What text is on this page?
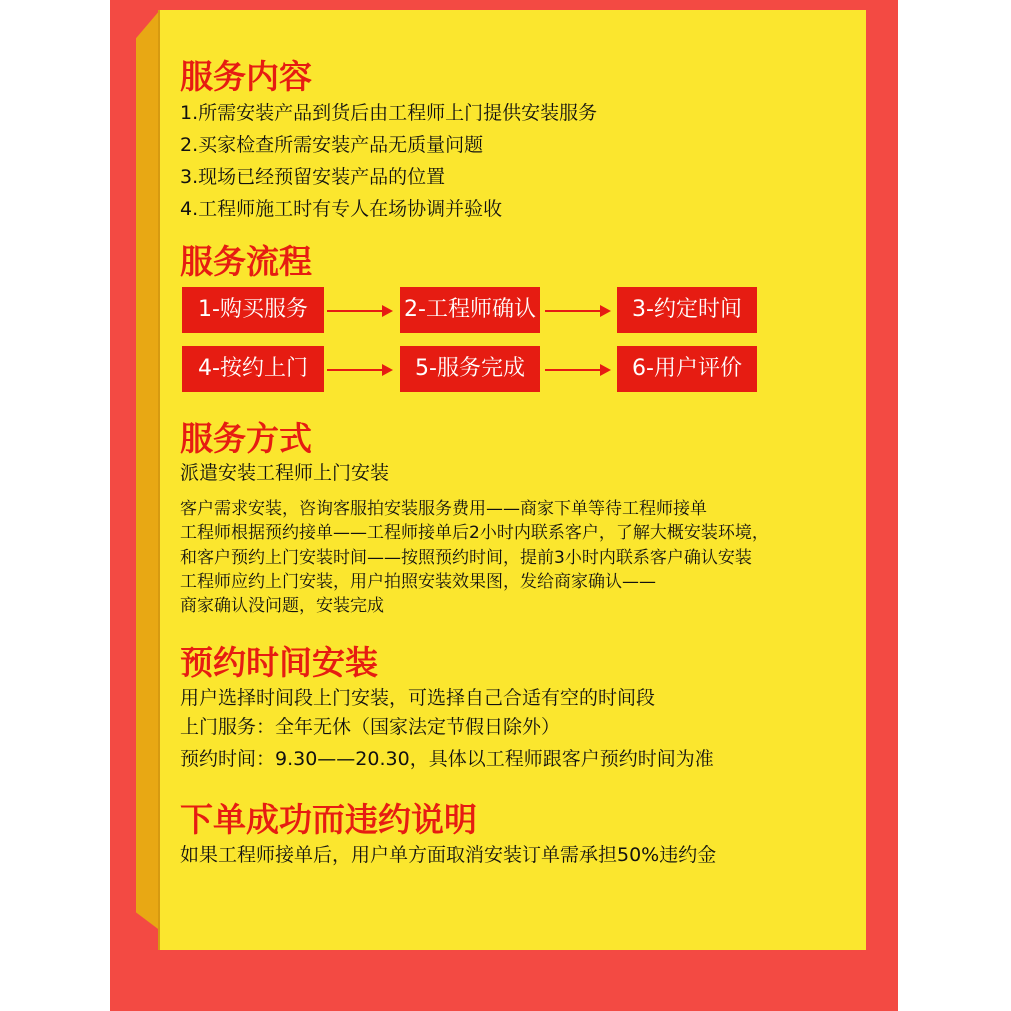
服务内容
1.所需安装产品到货后由工程师上门提供安装服务
2.买家检查所需安装产品无质量问题
3.现场已经预留安装产品的位置
4.工程师施工时有专人在场协调并验收
服务流程
1-购买服务	2-工程师确认	3-约定时间
4-按约上门	5-服务完成	6-用户评价
服务方式
派遣安装工程师上门安装
客户需求安装，咨询客服拍安装服务费用——商家下单等待工程师接单
工程师根据预约接单——工程师接单后2小时内联系客户，了解大概安装环境，
和客户预约上门安装时间——按照预约时间，提前3小时内联系客户确认安装
工程师应约上门安装，用户拍照安装效果图，发给商家确认——
商家确认没问题，安装完成
预约时间安装
用户选择时间段上门安装，可选择自己合适有空的时间段
上门服务：全年无休（国家法定节假日除外）
预约时间：9.30——20.30，具体以工程师跟客户预约时间为准
下单成功而违约说明
如果工程师接单后，用户单方面取消安装订单需承担50%违约金
